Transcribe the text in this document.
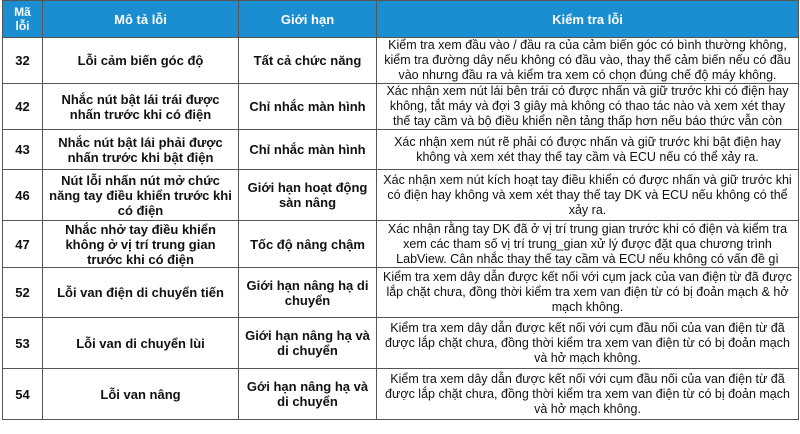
Mã lỗi	Mô tả lỗi	Giới hạn	Kiểm tra lỗi
32	Lỗi cảm biến góc độ	Tất cả chức năng	Kiểm tra xem đầu vào / đầu ra của cảm biến góc có bình thường không, kiểm tra đường dây nếu không có đầu vào, thay thế cảm biến nếu có đầu vào nhưng đầu ra và kiểm tra xem có chọn đúng chế độ máy không.
42	Nhắc nút bật lái trái được nhấn trước khi có điện	Chỉ nhắc màn hình	Xác nhận xem nút lái bên trái có được nhấn và giữ trước khi có điện hay không, tắt máy và đợi 3 giây mà không có thao tác nào và xem xét thay thế tay cầm và bộ điều khiển nền tảng thấp hơn nếu báo thức vẫn còn
43	Nhắc nút bật lái phải được nhấn trước khi bật điện	Chỉ nhắc màn hình	Xác nhận xem nút rẽ phải có được nhấn và giữ trước khi bật điện hay không và xem xét thay thế tay cầm và ECU nếu có thể xảy ra.
46	Nút lỗi nhấn nút mở chức năng tay điều khiển trước khi có điện	Giới hạn hoạt động sàn nâng	Xác nhận xem nút kích hoạt tay điều khiển có được nhấn và giữ trước khi có điện hay không và xem xét thay thế tay DK và ECU nếu không có thể xảy ra.
47	Nhắc nhở tay điều khiển không ở vị trí trung gian trước khi có điện	Tốc độ nâng chậm	Xác nhận rằng tay DK đã ở vị trí trung gian trước khi có điện và kiểm tra xem các tham số vị trí trung_gian xử lý được đặt qua chương trình LabView. Cân nhắc thay thế tay cầm và ECU nếu không có vấn đề gì
52	Lỗi van điện di chuyển tiến	Giới hạn nâng hạ di chuyển	Kiểm tra xem dây dẫn được kết nối với cụm jack của van điện từ đã được lắp chặt chưa, đồng thời kiểm tra xem van điện từ có bị đoản mạch & hở mạch không.
53	Lỗi van di chuyển lùi	Giới hạn nâng hạ và di chuyển	Kiểm tra xem dây dẫn được kết nối với cụm đầu nối của van điện từ đã được lắp chặt chưa, đồng thời kiểm tra xem van điện từ có bị đoản mạch và hở mạch không.
54	Lỗi van nâng	Gới hạn nâng hạ và di chuyển	Kiểm tra xem dây dẫn được kết nối với cụm đầu nối của van điện từ đã được lắp chặt chưa, đồng thời kiểm tra xem van điện từ có bị đoản mạch và hở mạch không.
